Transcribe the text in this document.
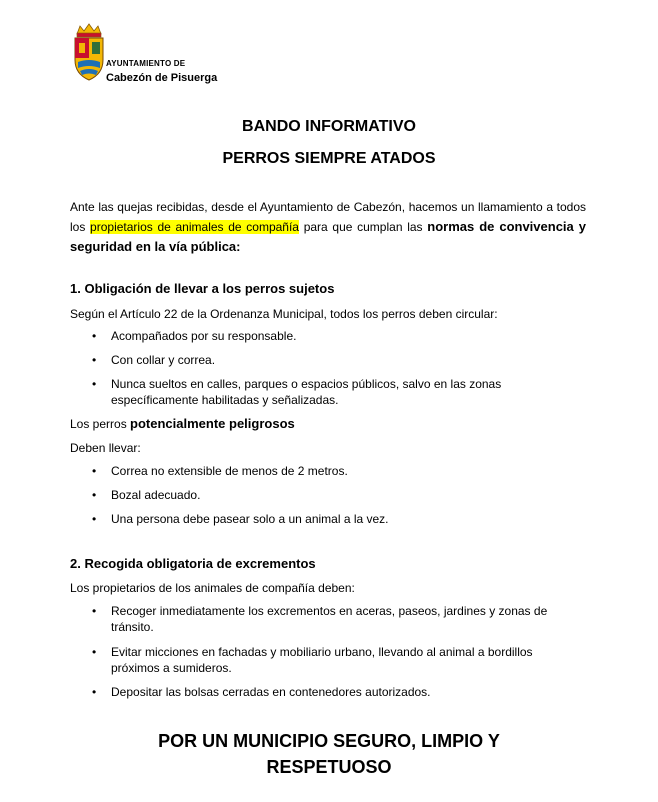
AYUNTAMIENTO DE
Cabezón de Pisuerga
BANDO INFORMATIVO
PERROS SIEMPRE ATADOS
Ante las quejas recibidas, desde el Ayuntamiento de Cabezón, hacemos un llamamiento a todos los propietarios de animales de compañía para que cumplan las normas de convivencia y seguridad en la vía pública:
1. Obligación de llevar a los perros sujetos
Según el Artículo 22 de la Ordenanza Municipal, todos los perros deben circular:
• Acompañados por su responsable.
• Con collar y correa.
• Nunca sueltos en calles, parques o espacios públicos, salvo en las zonas específicamente habilitadas y señalizadas.
Los perros potencialmente peligrosos
Deben llevar:
• Correa no extensible de menos de 2 metros.
• Bozal adecuado.
• Una persona debe pasear solo a un animal a la vez.
2. Recogida obligatoria de excrementos
Los propietarios de los animales de compañía deben:
• Recoger inmediatamente los excrementos en aceras, paseos, jardines y zonas de tránsito.
• Evitar micciones en fachadas y mobiliario urbano, llevando al animal a bordillos próximos a sumideros.
• Depositar las bolsas cerradas en contenedores autorizados.
POR UN MUNICIPIO SEGURO, LIMPIO Y RESPETUOSO
